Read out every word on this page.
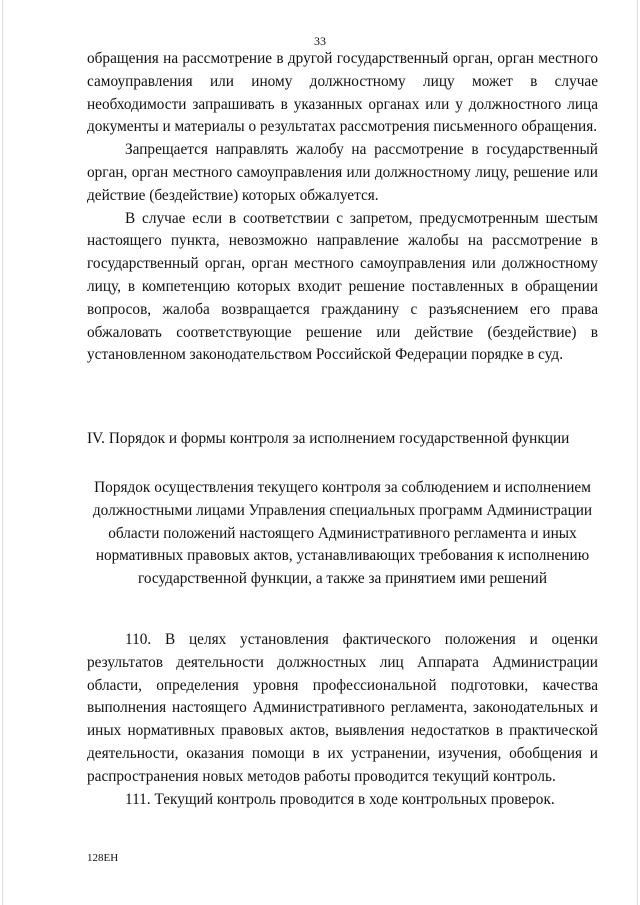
33

обращения на рассмотрение в другой государственный орган, орган местного самоуправления или иному должностному лицу может в случае необходимости запрашивать в указанных органах или у должностного лица документы и материалы о результатах рассмотрения письменного обращения.

Запрещается направлять жалобу на рассмотрение в государственный орган, орган местного самоуправления или должностному лицу, решение или действие (бездействие) которых обжалуется.

В случае если в соответствии с запретом, предусмотренным шестым настоящего пункта, невозможно направление жалобы на рассмотрение в государственный орган, орган местного самоуправления или должностному лицу, в компетенцию которых входит решение поставленных в обращении вопросов, жалоба возвращается гражданину с разъяснением его права обжаловать соответствующие решение или действие (бездействие) в установленном законодательством Российской Федерации порядке в суд.

IV. Порядок и формы контроля за исполнением государственной функции
Порядок осуществления текущего контроля за соблюдением и исполнением должностными лицами Управления специальных программ Администрации области положений настоящего Административного регламента и иных нормативных правовых актов, устанавливающих требования к исполнению государственной функции, а также за принятием ими решений

110. В целях установления фактического положения и оценки результатов деятельности должностных лиц Аппарата Администрации области, определения уровня профессиональной подготовки, качества выполнения настоящего Административного регламента, законодательных и иных нормативных правовых актов, выявления недостатков в практической деятельности, оказания помощи в их устранении, изучения, обобщения и распространения новых методов работы проводится текущий контроль.

111. Текущий контроль проводится в ходе контрольных проверок.

128ЕН
